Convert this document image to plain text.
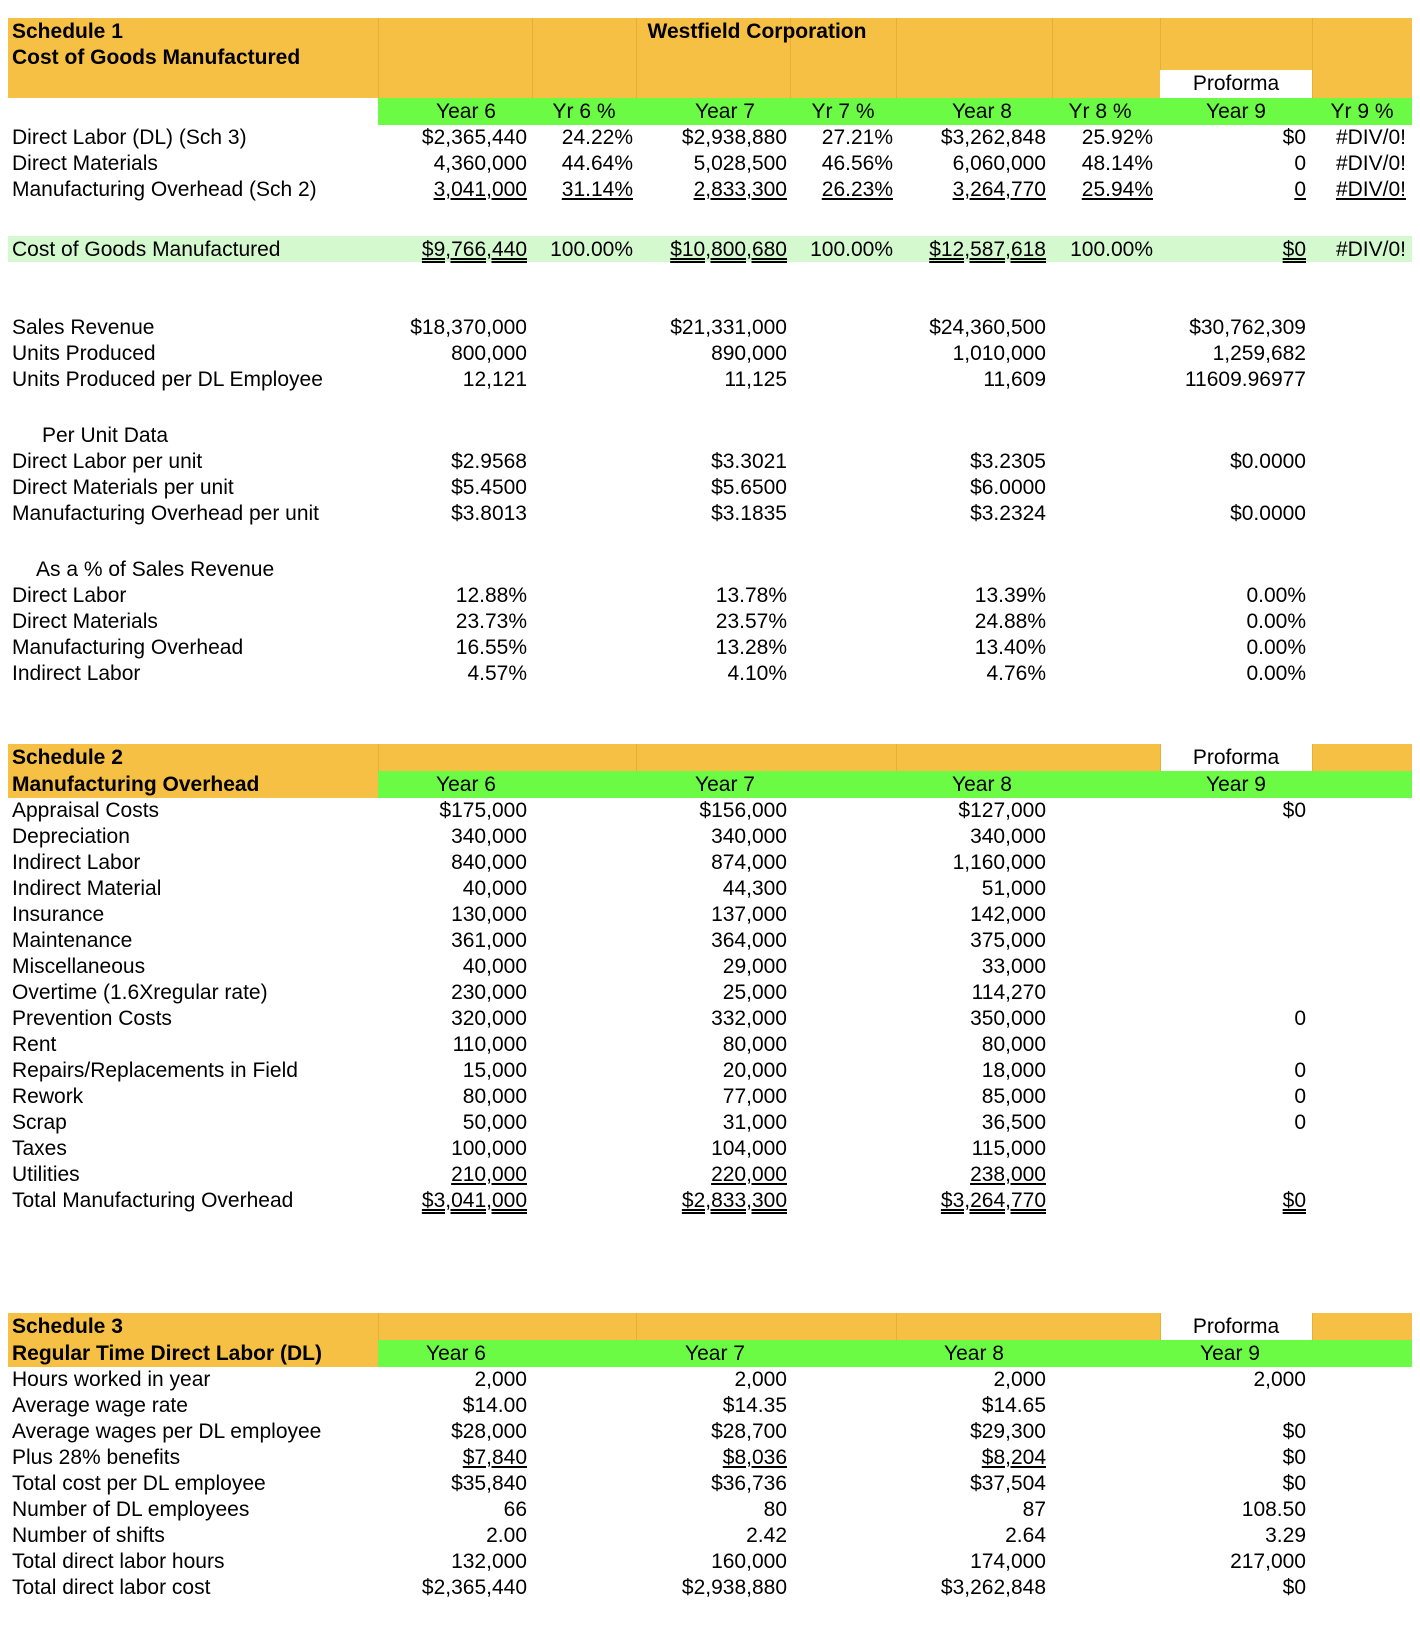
Schedule 1
Cost of Goods Manufactured
Westfield Corporation
Proforma
Year 6	Yr 6 %	Year 7	Yr 7 %	Year 8	Yr 8 %	Year 9	Yr 9 %
Direct Labor (DL) (Sch 3)	$2,365,440	24.22%	$2,938,880	27.21%	$3,262,848	25.92%	$0	#DIV/0!
Direct Materials	4,360,000	44.64%	5,028,500	46.56%	6,060,000	48.14%	0	#DIV/0!
Manufacturing Overhead (Sch 2)	3,041,000	31.14%	2,833,300	26.23%	3,264,770	25.94%	0	#DIV/0!
Cost of Goods Manufactured	$9,766,440	100.00%	$10,800,680	100.00%	$12,587,618	100.00%	$0	#DIV/0!
Sales Revenue	$18,370,000	$21,331,000	$24,360,500	$30,762,309
Units Produced	800,000	890,000	1,010,000	1,259,682
Units Produced per DL Employee	12,121	11,125	11,609	11609.96977
Per Unit Data
Direct Labor per unit	$2.9568	$3.3021	$3.2305	$0.0000
Direct Materials per unit	$5.4500	$5.6500	$6.0000
Manufacturing Overhead per unit	$3.8013	$3.1835	$3.2324	$0.0000
As a % of Sales Revenue
Direct Labor	12.88%	13.78%	13.39%	0.00%
Direct Materials	23.73%	23.57%	24.88%	0.00%
Manufacturing Overhead	16.55%	13.28%	13.40%	0.00%
Indirect Labor	4.57%	4.10%	4.76%	0.00%
Schedule 2
Manufacturing Overhead
Proforma
Year 6	Year 7	Year 8	Year 9
Appraisal Costs	$175,000	$156,000	$127,000	$0
Depreciation	340,000	340,000	340,000
Indirect Labor	840,000	874,000	1,160,000
Indirect Material	40,000	44,300	51,000
Insurance	130,000	137,000	142,000
Maintenance	361,000	364,000	375,000
Miscellaneous	40,000	29,000	33,000
Overtime (1.6Xregular rate)	230,000	25,000	114,270
Prevention Costs	320,000	332,000	350,000	0
Rent	110,000	80,000	80,000
Repairs/Replacements in Field	15,000	20,000	18,000	0
Rework	80,000	77,000	85,000	0
Scrap	50,000	31,000	36,500	0
Taxes	100,000	104,000	115,000
Utilities	210,000	220,000	238,000
Total Manufacturing Overhead	$3,041,000	$2,833,300	$3,264,770	$0
Schedule 3
Regular Time Direct Labor (DL)
Proforma
Year 6	Year 7	Year 8	Year 9
Hours worked in year	2,000	2,000	2,000	2,000
Average wage rate	$14.00	$14.35	$14.65
Average wages per DL employee	$28,000	$28,700	$29,300	$0
Plus 28% benefits	$7,840	$8,036	$8,204	$0
Total cost per DL employee	$35,840	$36,736	$37,504	$0
Number of DL employees	66	80	87	108.50
Number of shifts	2.00	2.42	2.64	3.29
Total direct labor hours	132,000	160,000	174,000	217,000
Total direct labor cost	$2,365,440	$2,938,880	$3,262,848	$0
